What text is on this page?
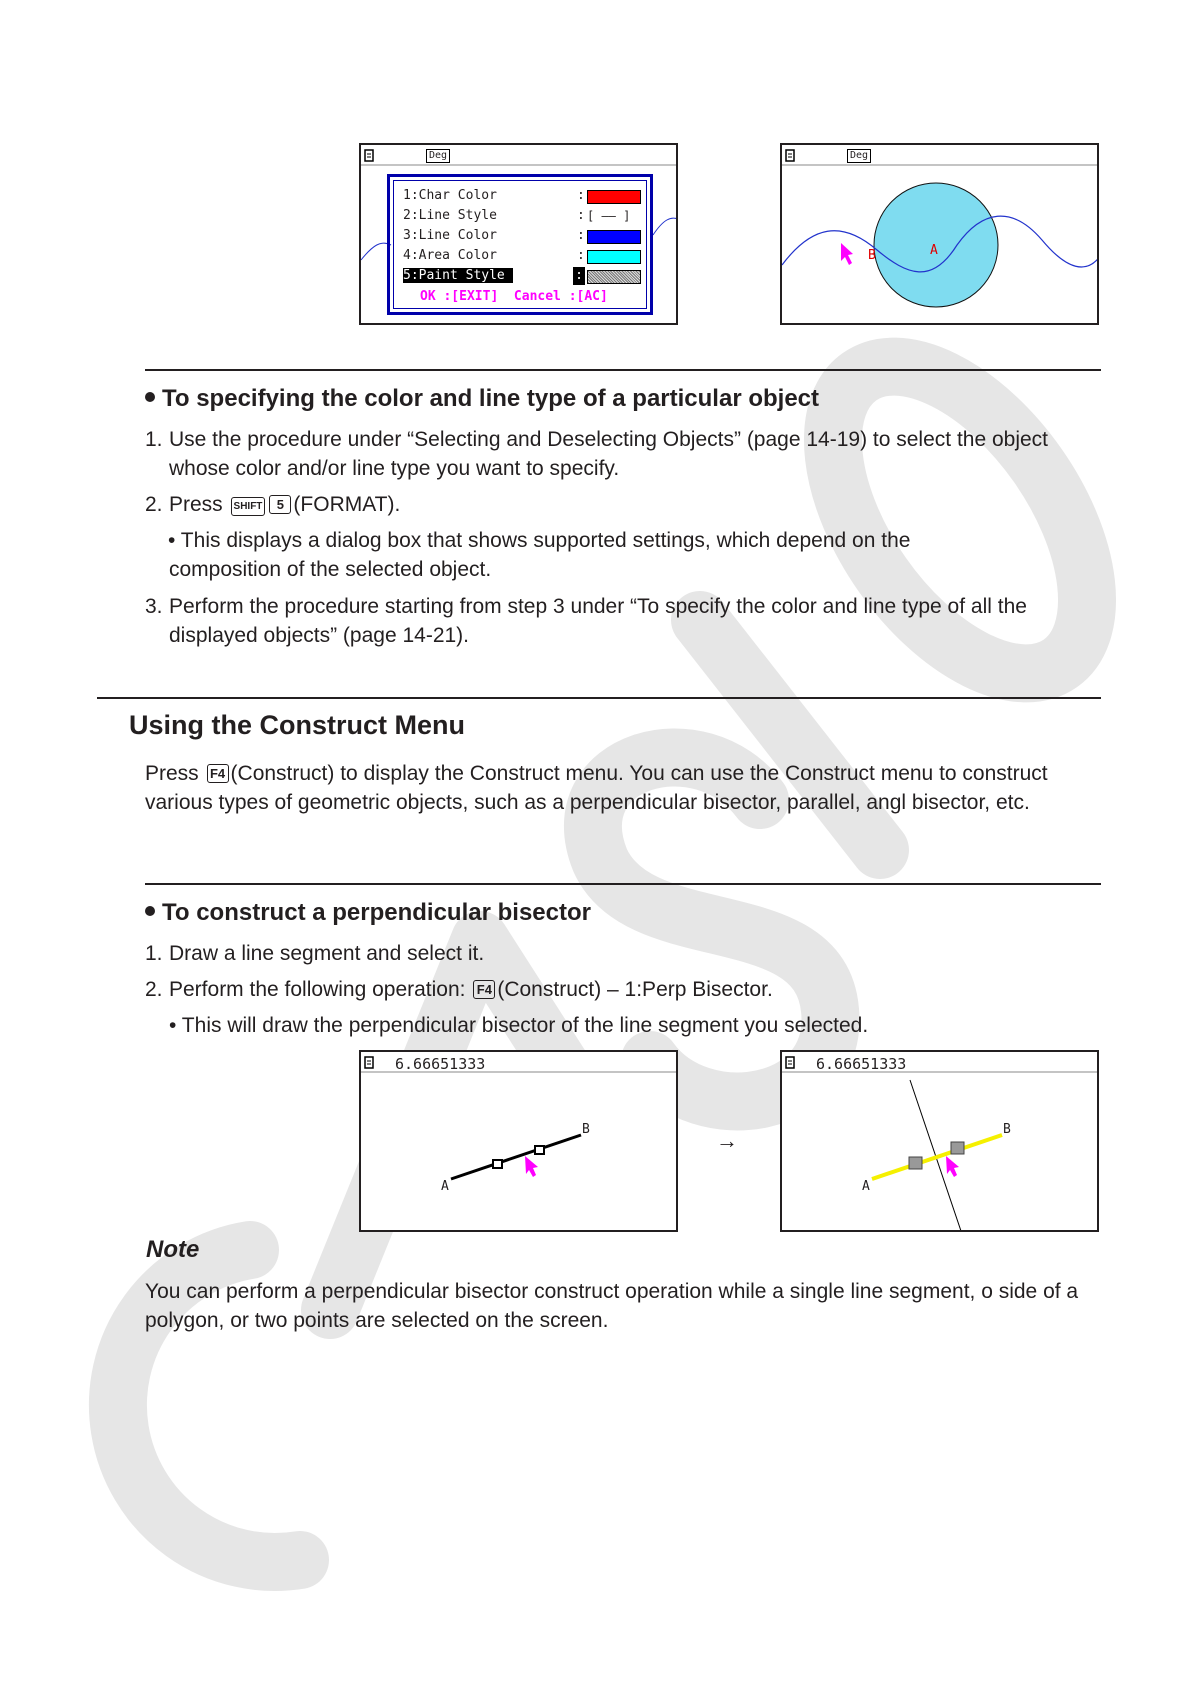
Deg
1:Char Color	:
2:Line Style	: [ —— ]
3:Line Color	:
4:Area Color	:
5:Paint Style	:
OK :[EXIT]  Cancel :[AC]
Deg
B	A
To specifying the color and line type of a particular object
1. Use the procedure under “Selecting and Deselecting Objects” (page 14-19) to select the object whose color and/or line type you want to specify.
2. Press SHIFT 5 (FORMAT).
• This displays a dialog box that shows supported settings, which depend on the composition of the selected object.
3. Perform the procedure starting from step 3 under “To specify the color and line type of all the displayed objects” (page 14-21).
Using the Construct Menu
Press F4 (Construct) to display the Construct menu. You can use the Construct menu to construct various types of geometric objects, such as a perpendicular bisector, parallel, angl bisector, etc.
To construct a perpendicular bisector
1. Draw a line segment and select it.
2. Perform the following operation: F4 (Construct) – 1:Perp Bisector.
• This will draw the perpendicular bisector of the line segment you selected.
6.66651333
A
B	→
6.66651333
A
B
Note
You can perform a perpendicular bisector construct operation while a single line segment, o side of a polygon, or two points are selected on the screen.
